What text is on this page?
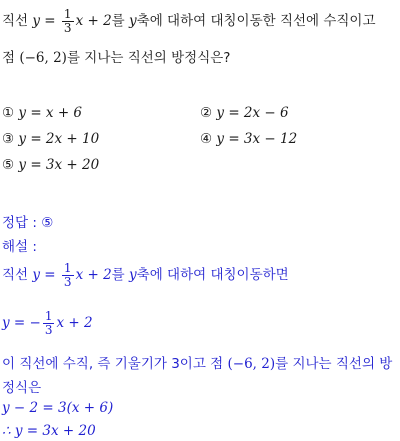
직선 $y = \frac{1}{3}$ x + 2를 y축에 대하여 대칭이동한 직선에 수직이고
점 (−6, 2)를 지나는 직선의 방정식은?
① y = x + 6	② y = 2x − 6
③ y = 2x + 10	④ y = 3x − 12
⑤ y = 3x + 20
정답 : ⑤
해설 :
직선 $y = \frac{1}{3}$ x + 2를 y축에 대하여 대칭이동하면
y = − $\frac{1}{3}$ x + 2
이 직선에 수직, 즉 기울기가 3이고 점 (−6, 2)를 지나는 직선의 방
정식은
y − 2 = 3(x + 6)
∴ y = 3x + 20
